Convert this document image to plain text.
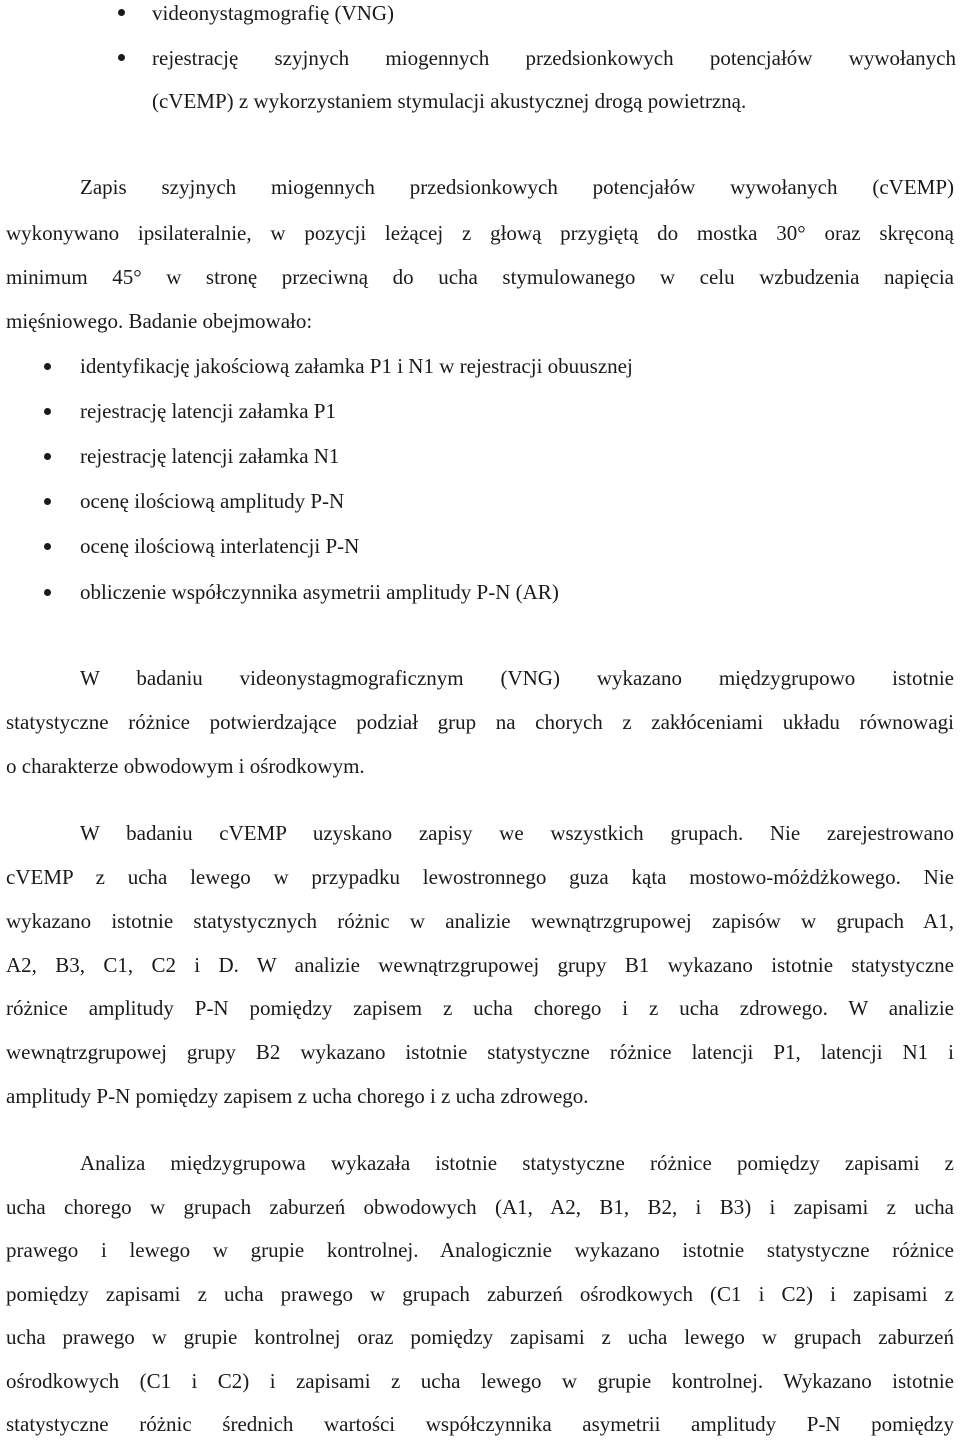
videonystagmografię (VNG)
rejestrację szyjnych miogennych przedsionkowych potencjałów wywołanych
(cVEMP) z wykorzystaniem stymulacji akustycznej drogą powietrzną.
Zapis szyjnych miogennych przedsionkowych potencjałów wywołanych (cVEMP)
wykonywano ipsilateralnie, w pozycji leżącej z głową przygiętą do mostka 30° oraz skręconą
minimum 45° w stronę przeciwną do ucha stymulowanego w celu wzbudzenia napięcia
mięśniowego. Badanie obejmowało:
identyfikację jakościową załamka P1 i N1 w rejestracji obuusznej
rejestrację latencji załamka P1
rejestrację latencji załamka N1
ocenę ilościową amplitudy P-N
ocenę ilościową interlatencji P-N
obliczenie współczynnika asymetrii amplitudy P-N (AR)
W badaniu videonystagmograficznym (VNG) wykazano międzygrupowo istotnie
statystyczne różnice potwierdzające podział grup na chorych z zakłóceniami układu równowagi
o charakterze obwodowym i ośrodkowym.
W badaniu cVEMP uzyskano zapisy we wszystkich grupach. Nie zarejestrowano
cVEMP z ucha lewego w przypadku lewostronnego guza kąta mostowo-móżdżkowego. Nie
wykazano istotnie statystycznych różnic w analizie wewnątrzgrupowej zapisów w grupach A1,
A2, B3, C1, C2 i D. W analizie wewnątrzgrupowej grupy B1 wykazano istotnie statystyczne
różnice amplitudy P-N pomiędzy zapisem z ucha chorego i z ucha zdrowego. W analizie
wewnątrzgrupowej grupy B2 wykazano istotnie statystyczne różnice latencji P1, latencji N1 i
amplitudy P-N pomiędzy zapisem z ucha chorego i z ucha zdrowego.
Analiza międzygrupowa wykazała istotnie statystyczne różnice pomiędzy zapisami z
ucha chorego w grupach zaburzeń obwodowych (A1, A2, B1, B2, i B3) i zapisami z ucha
prawego i lewego w grupie kontrolnej. Analogicznie wykazano istotnie statystyczne różnice
pomiędzy zapisami z ucha prawego w grupach zaburzeń ośrodkowych (C1 i C2) i zapisami z
ucha prawego w grupie kontrolnej oraz pomiędzy zapisami z ucha lewego w grupach zaburzeń
ośrodkowych (C1 i C2) i zapisami z ucha lewego w grupie kontrolnej. Wykazano istotnie
statystyczne różnic średnich wartości współczynnika asymetrii amplitudy P-N pomiędzy
